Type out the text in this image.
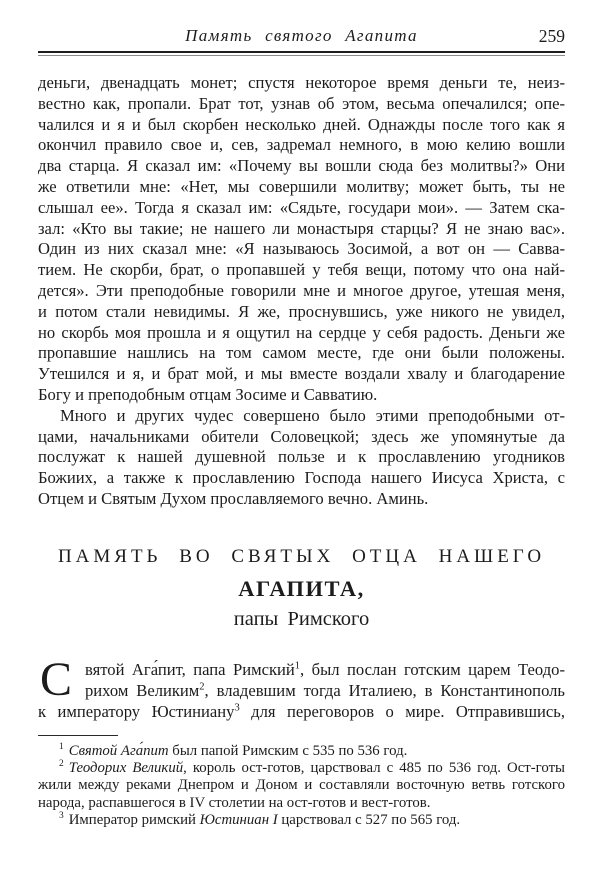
Память святого Агапита	259
деньги, двенадцать монет; спустя некоторое время деньги те, неиз-
вестно как, пропали. Брат тот, узнав об этом, весьма опечалился; опе-
чалился и я и был скорбен несколько дней. Однажды после того как я
окончил правило свое и, сев, задремал немного, в мою келию вошли
два старца. Я сказал им: «Почему вы вошли сюда без молитвы?» Они
же ответили мне: «Нет, мы совершили молитву; может быть, ты не
слышал ее». Тогда я сказал им: «Сядьте, государи мои». — Затем ска-
зал: «Кто вы такие; не нашего ли монастыря старцы? Я не знаю вас».
Один из них сказал мне: «Я называюсь Зосимой, а вот он — Савва-
тием. Не скорби, брат, о пропавшей у тебя вещи, потому что она най-
дется». Эти преподобные говорили мне и многое другое, утешая меня,
и потом стали невидимы. Я же, проснувшись, уже никого не увидел,
но скорбь моя прошла и я ощутил на сердце у себя радость. Деньги же
пропавшие нашлись на том самом месте, где они были положены.
Утешился и я, и брат мой, и мы вместе воздали хвалу и благодарение
Богу и преподобным отцам Зосиме и Савватию.
Много и других чудес совершено было этими преподобными от-
цами, начальниками обители Соловецкой; здесь же упомянутые да
послужат к нашей душевной пользе и к прославлению угодников
Божиих, а также к прославлению Господа нашего Иисуса Христа, с
Отцем и Святым Духом прославляемого вечно. Аминь.
ПАМЯТЬ ВО СВЯТЫХ ОТЦА НАШЕГО
АГАПИТА,
папы Римского
С вятой Ага́пит, папа Римский$^1$, был послан готским царем Теодо-
рихом Великим$^2$, владевшим тогда Италиею, в Константинополь
к императору Юстиниану$^3$ для переговоров о мире. Отправившись,
$^1$ Святой Ага́пит был папой Римским с 535 по 536 год.
$^2$ Теодорих Великий, король ост-готов, царствовал с 485 по 536 год. Ост-готы
жили между реками Днепром и Доном и составляли восточную ветвь готского
народа, распавшегося в IV столетии на ост-готов и вест-готов.
$^3$ Император римский Юстиниан I царствовал с 527 по 565 год.
